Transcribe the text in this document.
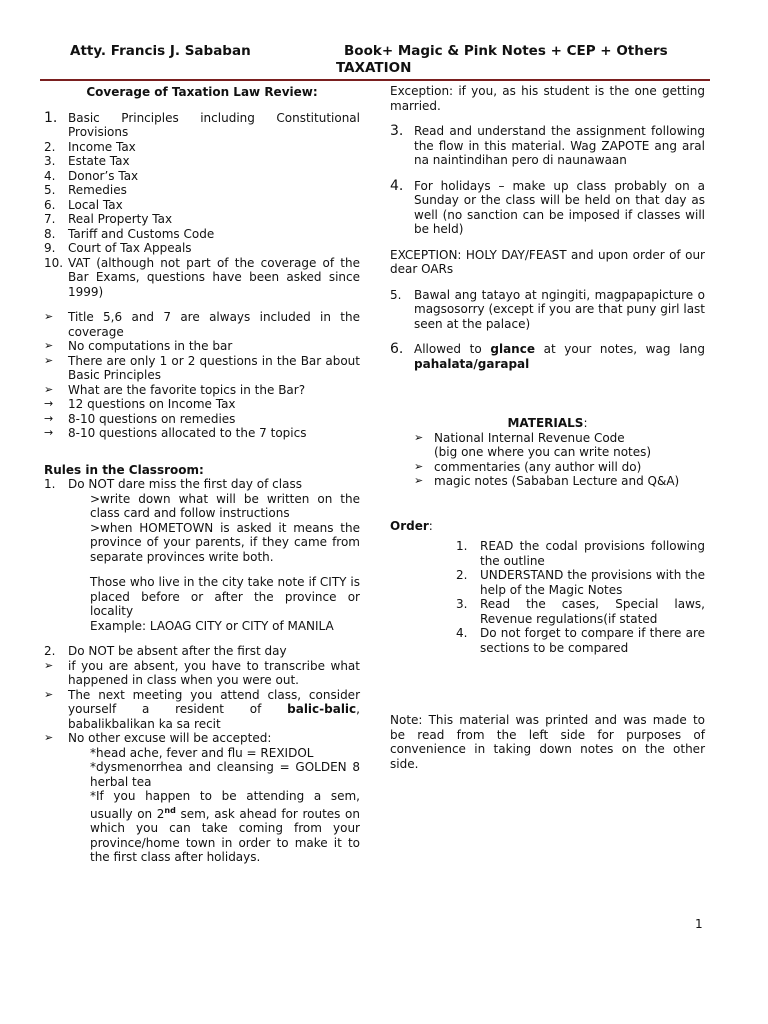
Atty. Francis J. Sababan	Book+ Magic & Pink Notes + CEP + Others
TAXATION
Coverage of Taxation Law Review:
1. Basic Principles including Constitutional Provisions
2. Income Tax
3. Estate Tax
4. Donor’s Tax
5. Remedies
6. Local Tax
7. Real Property Tax
8. Tariff and Customs Code
9. Court of Tax Appeals
10. VAT (although not part of the coverage of the Bar Exams, questions have been asked since 1999)
➢ Title 5,6 and 7 are always included in the coverage
➢ No computations in the bar
➢ There are only 1 or 2 questions in the Bar about Basic Principles
➢ What are the favorite topics in the Bar?
→ 12 questions on Income Tax
→ 8-10 questions on remedies
→ 8-10 questions allocated to the 7 topics
Rules in the Classroom:
1. Do NOT dare miss the first day of class
>write down what will be written on the class card and follow instructions
>when HOMETOWN is asked it means the province of your parents, if they came from separate provinces write both.
Those who live in the city take note if CITY is placed before or after the province or locality
Example: LAOAG CITY or CITY of MANILA
2. Do NOT be absent after the first day
➢ if you are absent, you have to transcribe what happened in class when you were out.
➢ The next meeting you attend class, consider yourself a resident of balic-balic, babalikbalikan ka sa recit
➢ No other excuse will be accepted:
*head ache, fever and flu = REXIDOL
*dysmenorrhea and cleansing = GOLDEN 8 herbal tea
*If you happen to be attending a sem, usually on 2nd sem, ask ahead for routes on which you can take coming from your province/home town in order to make it to the first class after holidays.
Exception: if you, as his student is the one getting married.
3. Read and understand the assignment following the flow in this material. Wag ZAPOTE ang aral na naintindihan pero di naunawaan
4. For holidays – make up class probably on a Sunday or the class will be held on that day as well (no sanction can be imposed if classes will be held)
EXCEPTION: HOLY DAY/FEAST and upon order of our dear OARs
5. Bawal ang tatayo at ngingiti, magpapapicture o magsosorry (except if you are that puny girl last seen at the palace)
6. Allowed to glance at your notes, wag lang pahalata/garapal
MATERIALS:
➢ National Internal Revenue Code
(big one where you can write notes)
➢ commentaries (any author will do)
➢ magic notes (Sababan Lecture and Q&A)
Order:
1. READ the codal provisions following the outline
2. UNDERSTAND the provisions with the help of the Magic Notes
3. Read the cases, Special laws, Revenue regulations(if stated
4. Do not forget to compare if there are sections to be compared
Note: This material was printed and was made to be read from the left side for purposes of convenience in taking down notes on the other side.
1
